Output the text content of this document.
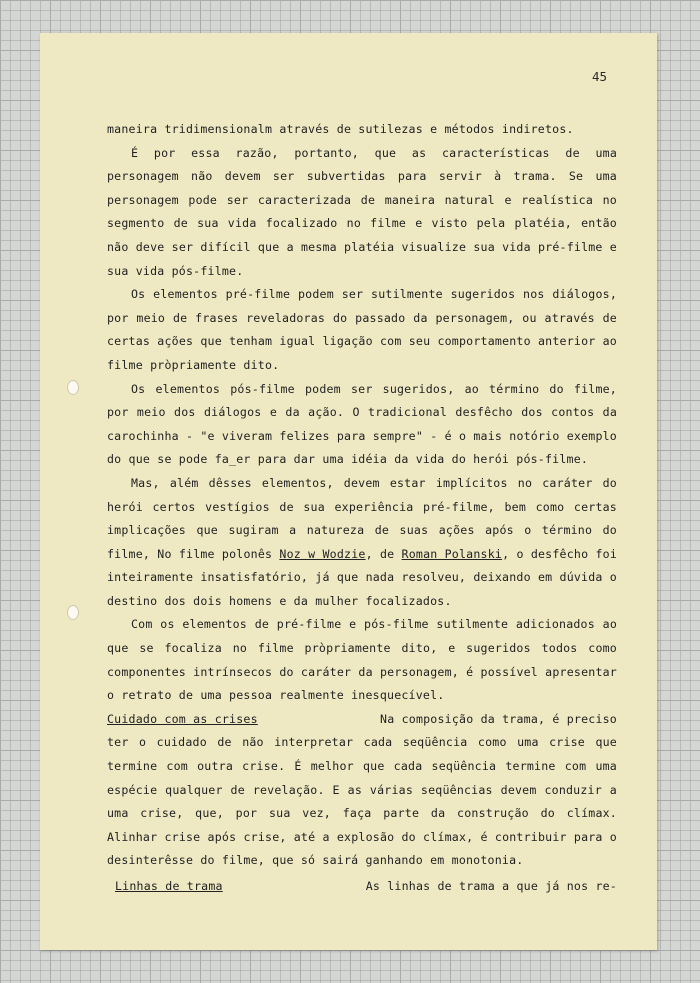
45

maneira tridimensionalm através de sutilezas e métodos indiretos.

É por essa razão, portanto, que as características de uma personagem não devem ser subvertidas para servir à trama. Se uma personagem pode ser caracterizada de maneira natural e realística no segmento de sua vida focalizado no filme e visto pela platéia, então não deve ser difícil que a mesma platéia visualize sua vida pré-filme e sua vida pós-filme.

Os elementos pré-filme podem ser sutilmente sugeridos nos diálogos, por meio de frases reveladoras do passado da personagem, ou através de certas ações que tenham igual ligação com seu comportamento anterior ao filme pròpriamente dito.

Os elementos pós-filme podem ser sugeridos, ao término do filme, por meio dos diálogos e da ação. O tradicional desfêcho dos contos da carochinha - "e viveram felizes para sempre" - é o mais notório exemplo do que se pode fa_er para dar uma idéia da vida do herói pós-filme.

Mas, além dêsses elementos, devem estar implícitos no caráter do herói certos vestígios de sua experiência pré-filme, bem como certas implicações que sugiram a natureza de suas ações após o término do filme, No filme polonês Noz w Wodzie, de Roman Polanski, o desfêcho foi inteiramente insatisfatório, já que nada resolveu, deixando em dúvida o destino dos dois homens e da mulher focalizados.

Com os elementos de pré-filme e pós-filme sutilmente adicionados ao que se focaliza no filme pròpriamente dito, e sugeridos todos como componentes intrínsecos do caráter da personagem, é possível apresentar o retrato de uma pessoa realmente inesquecível.

Cuidado com as crises	Na composição da trama, é preciso

ter o cuidado de não interpretar cada seqüência como uma crise que termine com outra crise. É melhor que cada seqüência termine com uma espécie qualquer de revelação. E as várias seqüências devem conduzir a uma crise, que, por sua vez, faça parte da construção do clímax. Alinhar crise após crise, até a explosão do clímax, é contribuir para o desinterêsse do filme, que só sairá ganhando em monotonia.

Linhas de trama	As linhas de trama a que já nos re-
